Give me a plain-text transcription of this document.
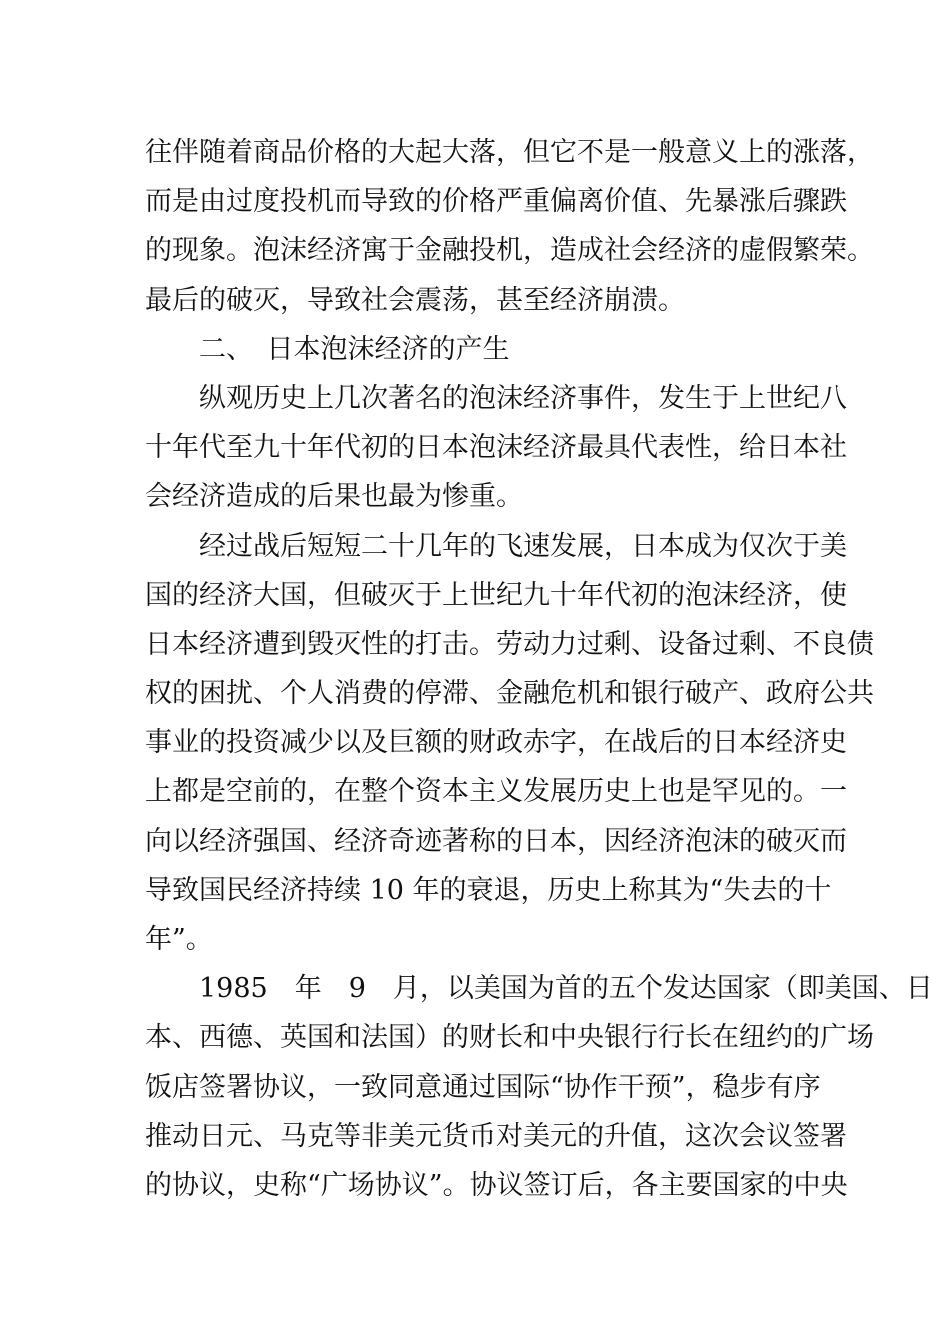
往伴随着商品价格的大起大落，但它不是一般意义上的涨落，
而是由过度投机而导致的价格严重偏离价值、先暴涨后骤跌
的现象。泡沫经济寓于金融投机，造成社会经济的虚假繁荣。
最后的破灭，导致社会震荡，甚至经济崩溃。
二、　日本泡沫经济的产生
纵观历史上几次著名的泡沫经济事件，发生于上世纪八
十年代至九十年代初的日本泡沫经济最具代表性，给日本社
会经济造成的后果也最为惨重。
经过战后短短二十几年的飞速发展，日本成为仅次于美
国的经济大国，但破灭于上世纪九十年代初的泡沫经济，使
日本经济遭到毁灭性的打击。劳动力过剩、设备过剩、不良债
权的困扰、个人消费的停滞、金融危机和银行破产、政府公共
事业的投资减少以及巨额的财政赤字，在战后的日本经济史
上都是空前的，在整个资本主义发展历史上也是罕见的。一
向以经济强国、经济奇迹著称的日本，因经济泡沫的破灭而
导致国民经济持续 10 年的衰退，历史上称其为“失去的十
年”。
1985　年　9　月，以美国为首的五个发达国家（即美国、日
本、西德、英国和法国）的财长和中央银行行长在纽约的广场
饭店签署协议，一致同意通过国际“协作干预”，稳步有序
推动日元、马克等非美元货币对美元的升值，这次会议签署
的协议，史称“广场协议”。协议签订后，各主要国家的中央
